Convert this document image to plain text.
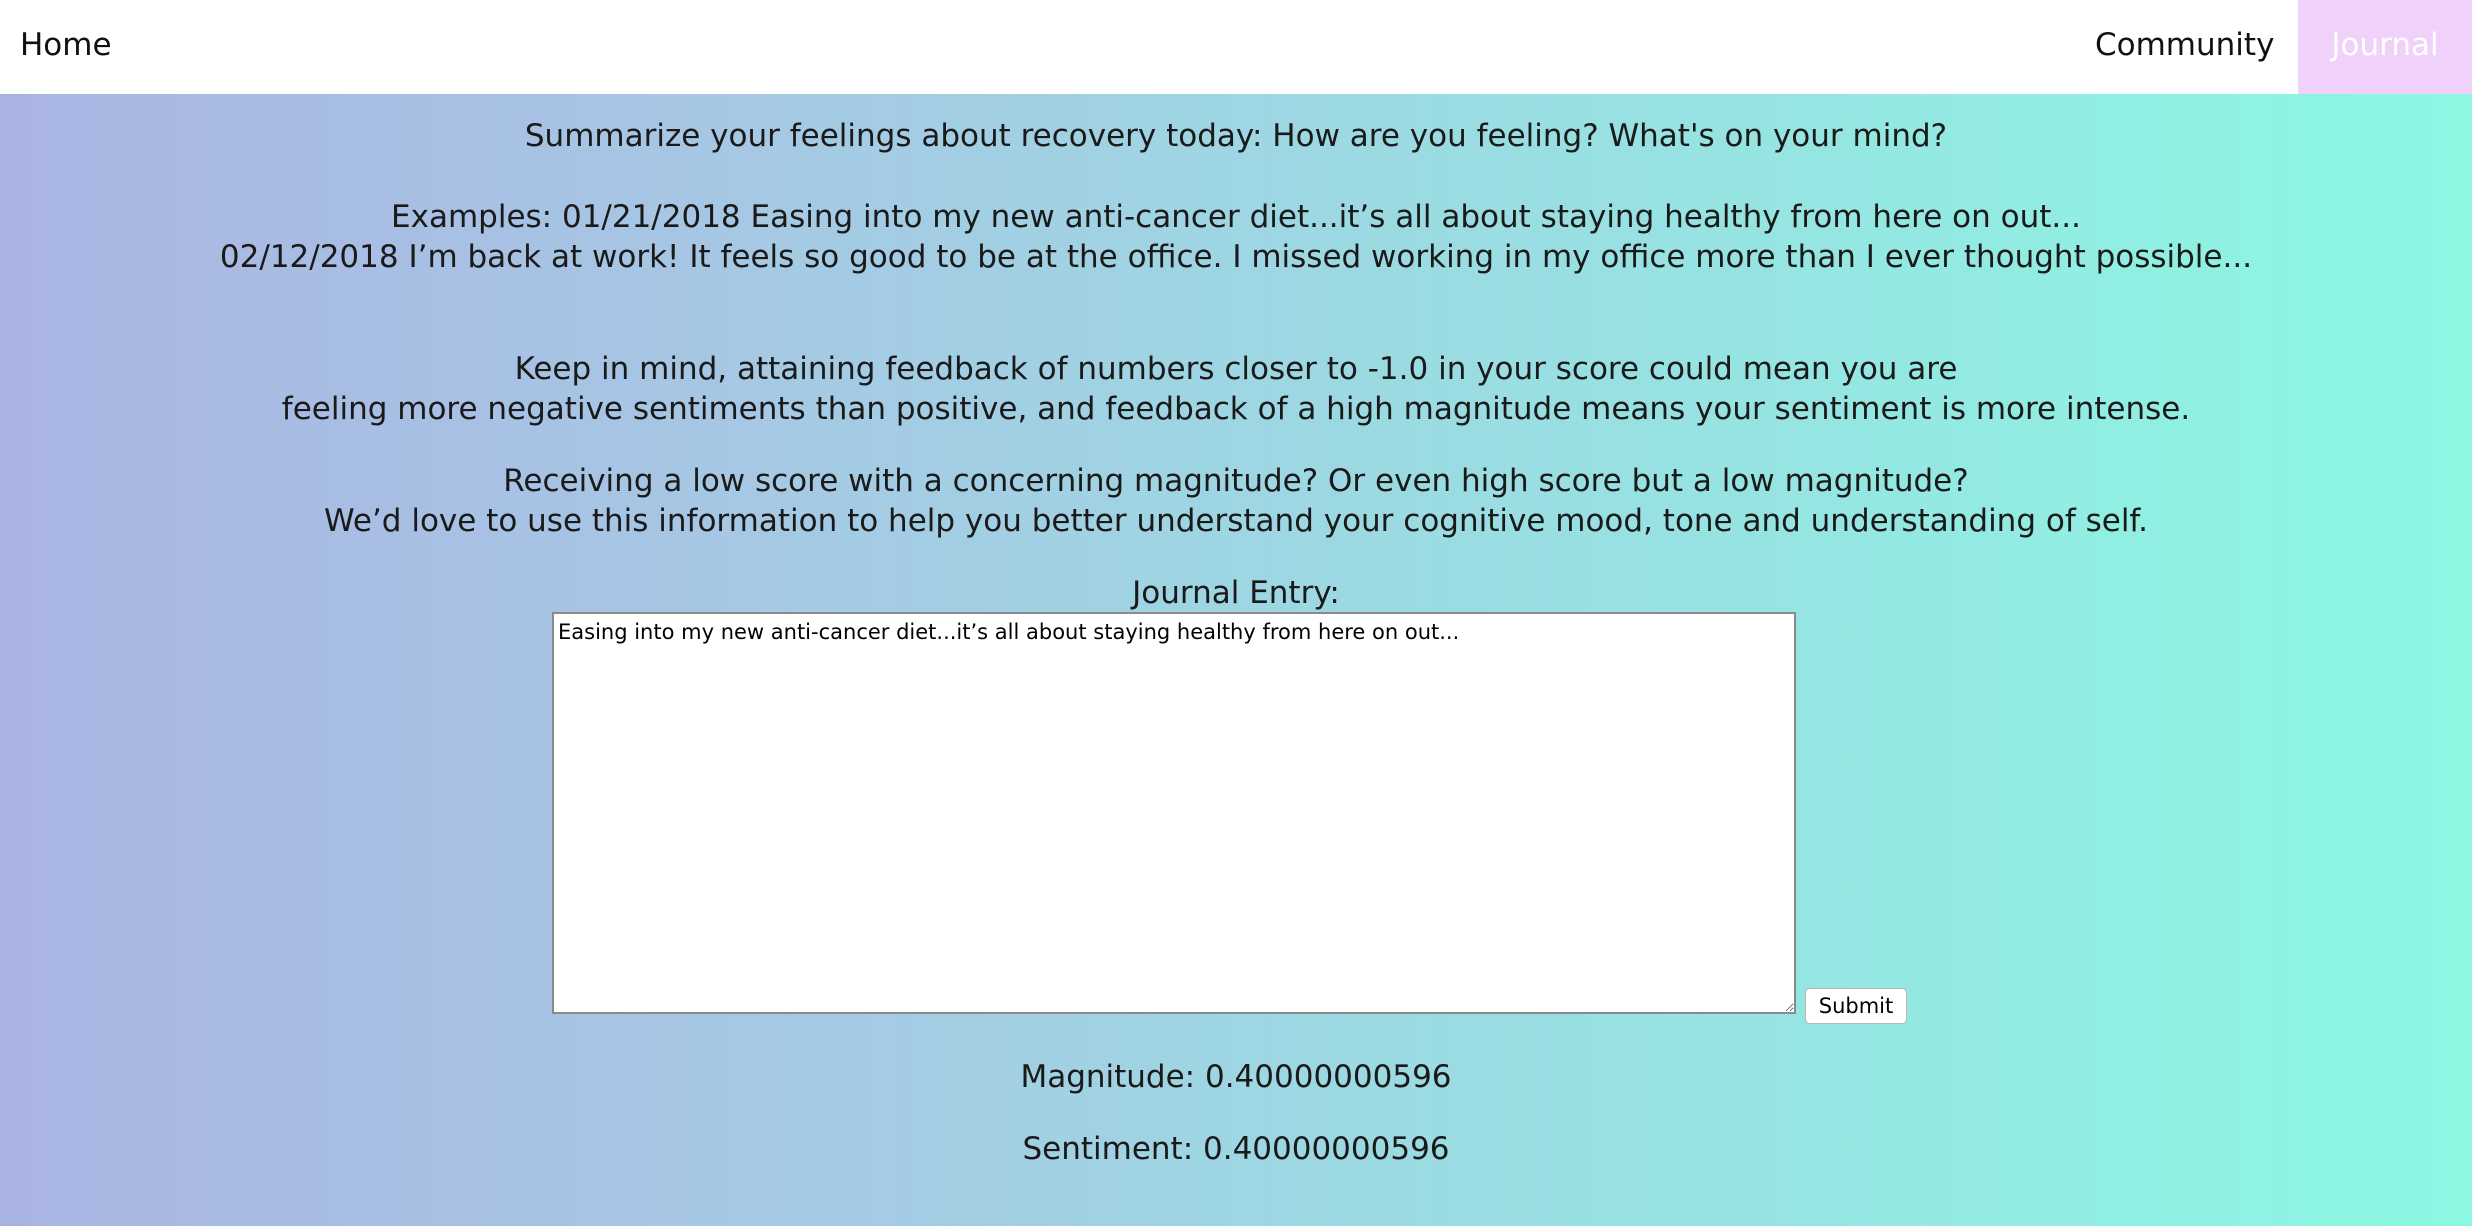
Home	Community	Journal
Summarize your feelings about recovery today: How are you feeling? What's on your mind?
Examples: 01/21/2018 Easing into my new anti-cancer diet...it’s all about staying healthy from here on out...
02/12/2018 I’m back at work! It feels so good to be at the office. I missed working in my office more than I ever thought possible...
Keep in mind, attaining feedback of numbers closer to -1.0 in your score could mean you are
feeling more negative sentiments than positive, and feedback of a high magnitude means your sentiment is more intense.
Receiving a low score with a concerning magnitude? Or even high score but a low magnitude?
We’d love to use this information to help you better understand your cognitive mood, tone and understanding of self.
Journal Entry:
Easing into my new anti-cancer diet...it’s all about staying healthy from here on out...
Submit
Magnitude: 0.40000000596
Sentiment: 0.40000000596
